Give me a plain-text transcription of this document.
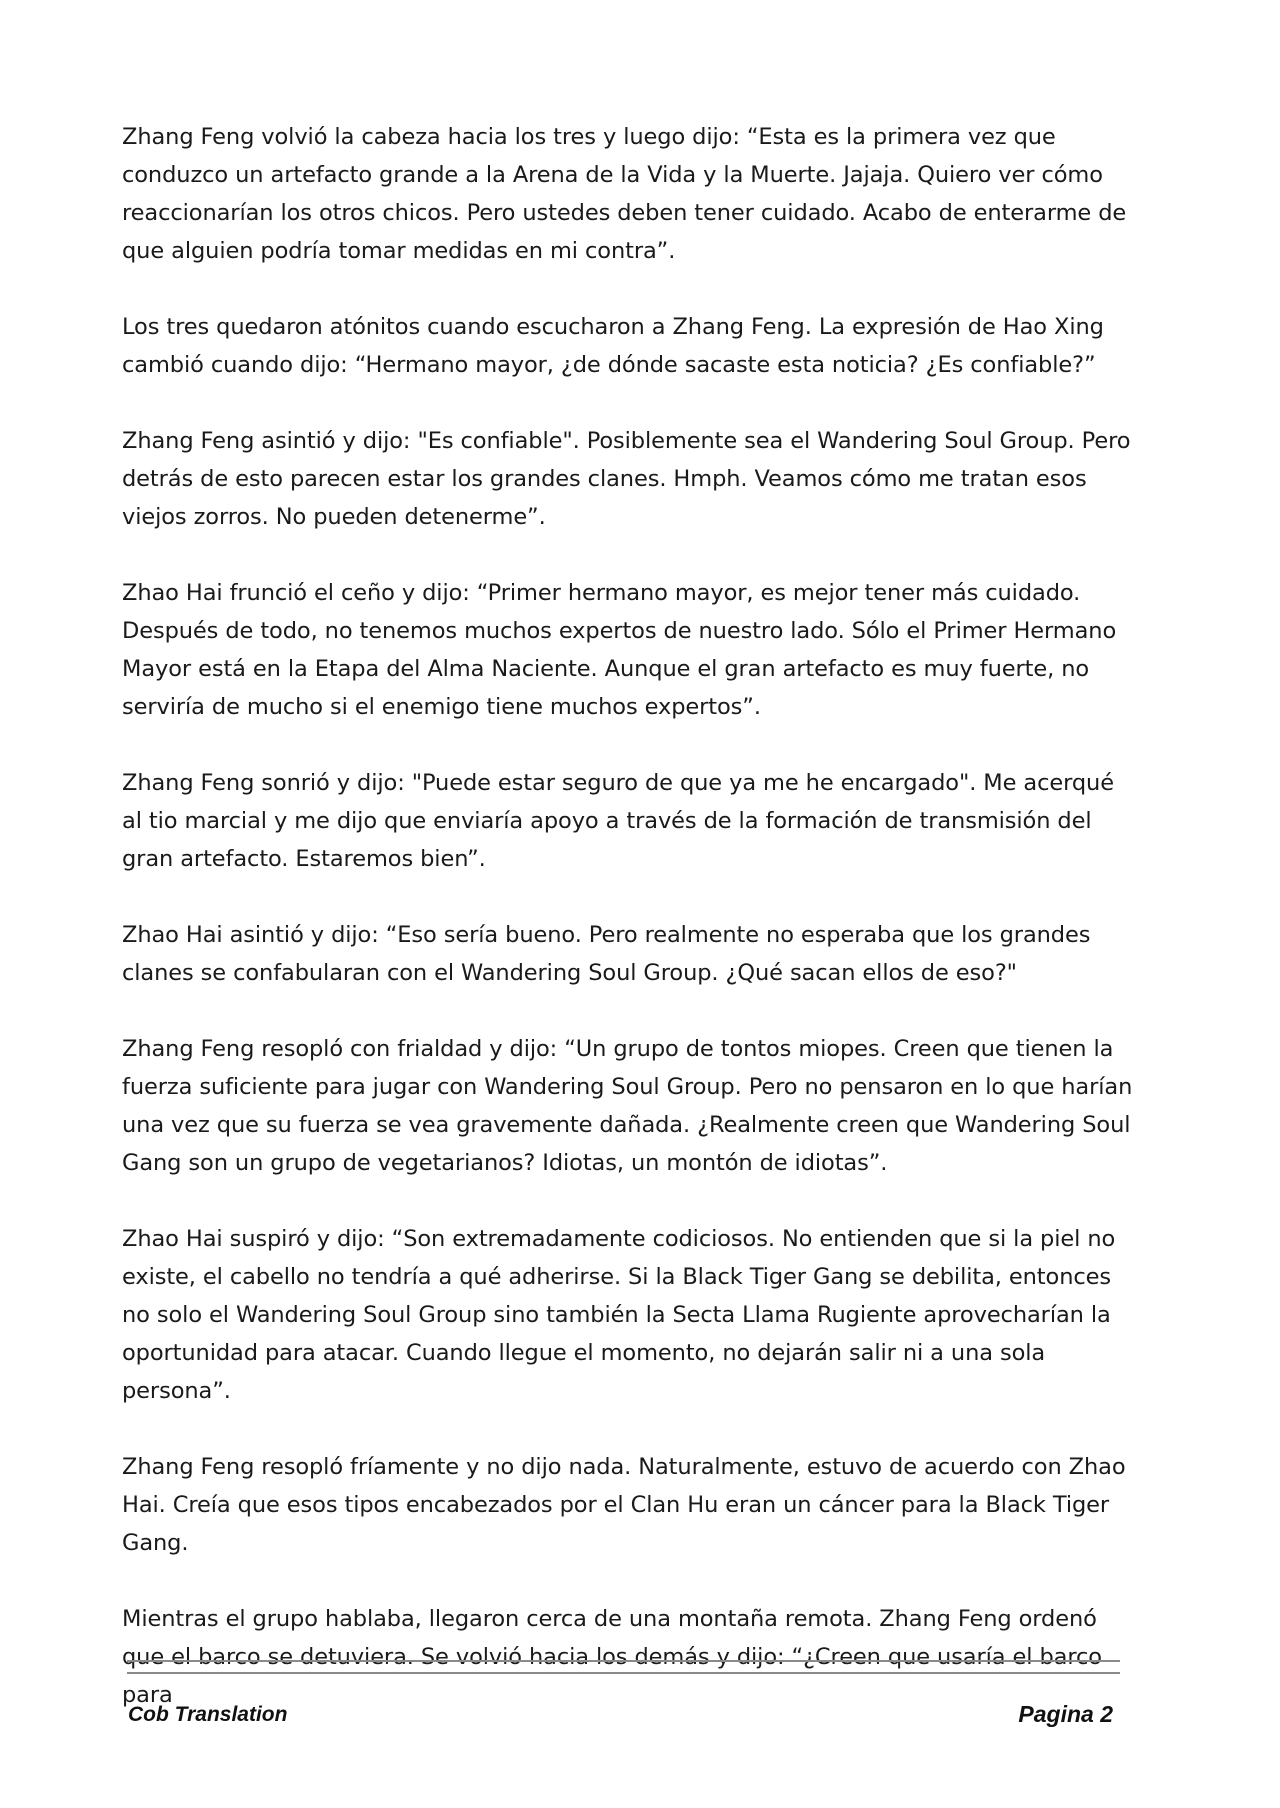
Zhang Feng volvió la cabeza hacia los tres y luego dijo: “Esta es la primera vez que conduzco un artefacto grande a la Arena de la Vida y la Muerte. Jajaja. Quiero ver cómo reaccionarían los otros chicos. Pero ustedes deben tener cuidado. Acabo de enterarme de que alguien podría tomar medidas en mi contra”.

Los tres quedaron atónitos cuando escucharon a Zhang Feng. La expresión de Hao Xing cambió cuando dijo: “Hermano mayor, ¿de dónde sacaste esta noticia? ¿Es confiable?”

Zhang Feng asintió y dijo: "Es confiable". Posiblemente sea el Wandering Soul Group. Pero detrás de esto parecen estar los grandes clanes. Hmph. Veamos cómo me tratan esos viejos zorros. No pueden detenerme”.

Zhao Hai frunció el ceño y dijo: “Primer hermano mayor, es mejor tener más cuidado. Después de todo, no tenemos muchos expertos de nuestro lado. Sólo el Primer Hermano Mayor está en la Etapa del Alma Naciente. Aunque el gran artefacto es muy fuerte, no serviría de mucho si el enemigo tiene muchos expertos”.

Zhang Feng sonrió y dijo: "Puede estar seguro de que ya me he encargado". Me acerqué al tio marcial y me dijo que enviaría apoyo a través de la formación de transmisión del gran artefacto. Estaremos bien”.

Zhao Hai asintió y dijo: “Eso sería bueno. Pero realmente no esperaba que los grandes clanes se confabularan con el Wandering Soul Group. ¿Qué sacan ellos de eso?"

Zhang Feng resopló con frialdad y dijo: “Un grupo de tontos miopes. Creen que tienen la fuerza suficiente para jugar con Wandering Soul Group. Pero no pensaron en lo que harían una vez que su fuerza se vea gravemente dañada. ¿Realmente creen que Wandering Soul Gang son un grupo de vegetarianos? Idiotas, un montón de idiotas”.

Zhao Hai suspiró y dijo: “Son extremadamente codiciosos. No entienden que si la piel no existe, el cabello no tendría a qué adherirse. Si la Black Tiger Gang se debilita, entonces no solo el Wandering Soul Group sino también la Secta Llama Rugiente aprovecharían la oportunidad para atacar. Cuando llegue el momento, no dejarán salir ni a una sola persona”.

Zhang Feng resopló fríamente y no dijo nada. Naturalmente, estuvo de acuerdo con Zhao Hai. Creía que esos tipos encabezados por el Clan Hu eran un cáncer para la Black Tiger Gang.

Mientras el grupo hablaba, llegaron cerca de una montaña remota. Zhang Feng ordenó que el barco se detuviera. Se volvió hacia los demás y dijo: “¿Creen que usaría el barco para

Cob Translation	Pagina 2
